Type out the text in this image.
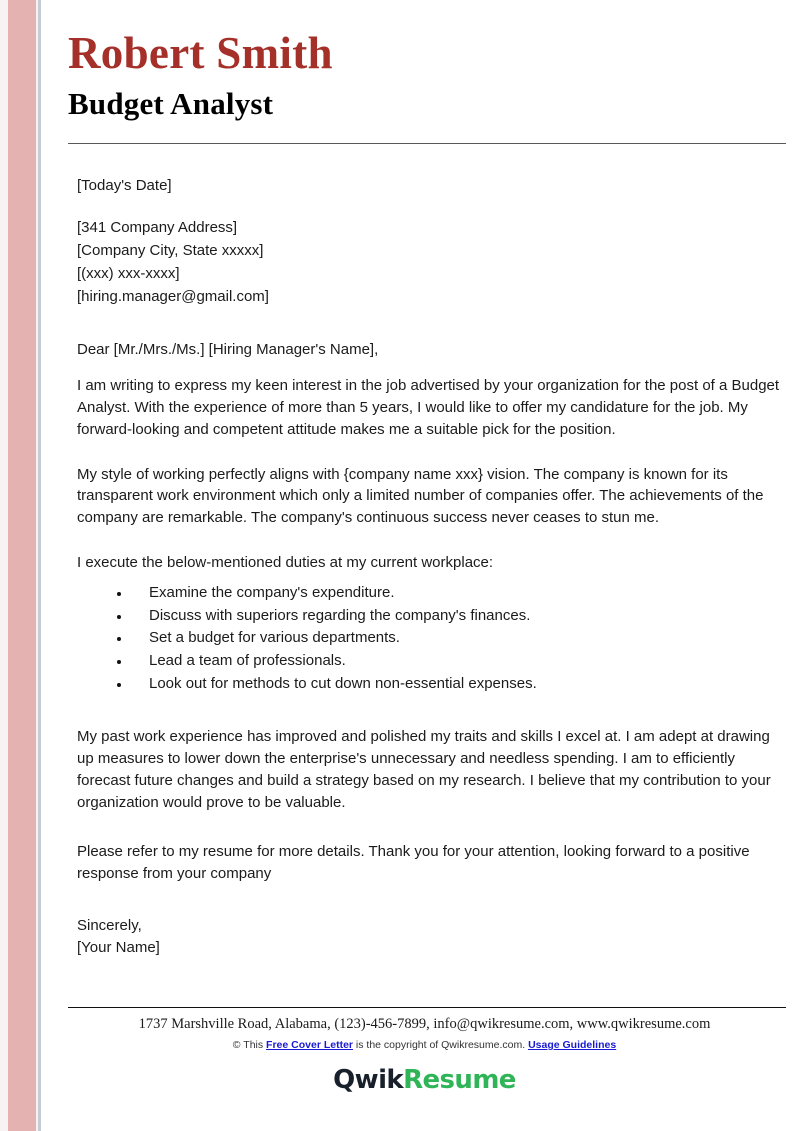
Robert Smith
Budget Analyst

[Today's Date]

[341 Company Address]

[Company City, State xxxxx]

[(xxx) xxx-xxxx]

[hiring.manager@gmail.com]

Dear [Mr./Mrs./Ms.] [Hiring Manager's Name],

I am writing to express my keen interest in the job advertised by your organization for the post of a Budget Analyst. With the experience of more than 5 years, I would like to offer my candidature for the job. My forward-looking and competent attitude makes me a suitable pick for the position.

My style of working perfectly aligns with {company name xxx} vision. The company is known for its transparent work environment which only a limited number of companies offer. The achievements of the company are remarkable. The company's continuous success never ceases to stun me.

I execute the below-mentioned duties at my current workplace:

Examine the company's expenditure.
Discuss with superiors regarding the company's finances.
Set a budget for various departments.
Lead a team of professionals.
Look out for methods to cut down non-essential expenses.

My past work experience has improved and polished my traits and skills I excel at. I am adept at drawing up measures to lower down the enterprise's unnecessary and needless spending. I am to efficiently forecast future changes and build a strategy based on my research. I believe that my contribution to your organization would prove to be valuable.

Please refer to my resume for more details. Thank you for your attention, looking forward to a positive response from your company

Sincerely,

[Your Name]

1737 Marshville Road, Alabama, (123)-456-7899, info@qwikresume.com, www.qwikresume.com

© This Free Cover Letter is the copyright of Qwikresume.com. Usage Guidelines

QwikResume
